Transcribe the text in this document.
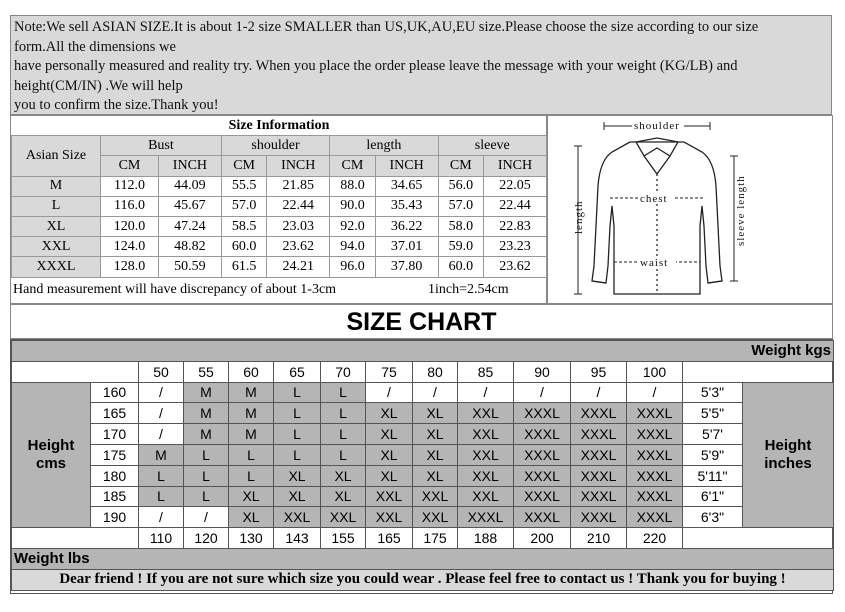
Note:We sell ASIAN SIZE.It is about 1-2 size SMALLER than US,UK,AU,EU size.Please choose the size according to our size

form.All the dimensions we

have personally measured and reality try. When you place the order please leave the message with your weight (KG/LB) and

height(CM/IN) .We will help

you to confirm the size.Thank you!

Size Information								
Asian Size	Bust		shoulder		length		sleeve	
	CM	INCH	CM	INCH	CM	INCH	CM	INCH
M	112.0	44.09	55.5	21.85	88.0	34.65	56.0	22.05
L	116.0	45.67	57.0	22.44	90.0	35.43	57.0	22.44
XL	120.0	47.24	58.5	23.03	92.0	36.22	58.0	22.83
XXL	124.0	48.82	60.0	23.62	94.0	37.01	59.0	23.23
XXXL	128.0	50.59	61.5	24.21	96.0	37.80	60.0	23.62
Hand measurement will have discrepancy of about 1-3cm	1inch=2.54cm
shoulder
chest
waist
length	sleeve length
SIZE CHART
Weight kgs														
		50	55	60	65	70	75	80	85	90	95	100		
Height
cms	160	/	M	M	L	L	/	/	/	/	/	/	5'3"	Height
inches
	165	/	M	M	L	L	XL	XL	XXL	XXXL	XXXL	XXXL	5'5"	
	170	/	M	M	L	L	XL	XL	XXL	XXXL	XXXL	XXXL	5'7'	
	175	M	L	L	L	L	XL	XL	XXL	XXXL	XXXL	XXXL	5'9"	
	180	L	L	L	XL	XL	XL	XL	XXL	XXXL	XXXL	XXXL	5'11"	
	185	L	L	XL	XL	XL	XXL	XXL	XXL	XXXL	XXXL	XXXL	6'1"	
	190	/	/	XL	XXL	XXL	XXL	XXL	XXXL	XXXL	XXXL	XXXL	6'3"	
		110	120	130	143	155	165	175	188	200	210	220		
Weight lbs														
Dear friend ! If you are not sure which size you could wear . Please feel free to contact us ! Thank you for buying !														
